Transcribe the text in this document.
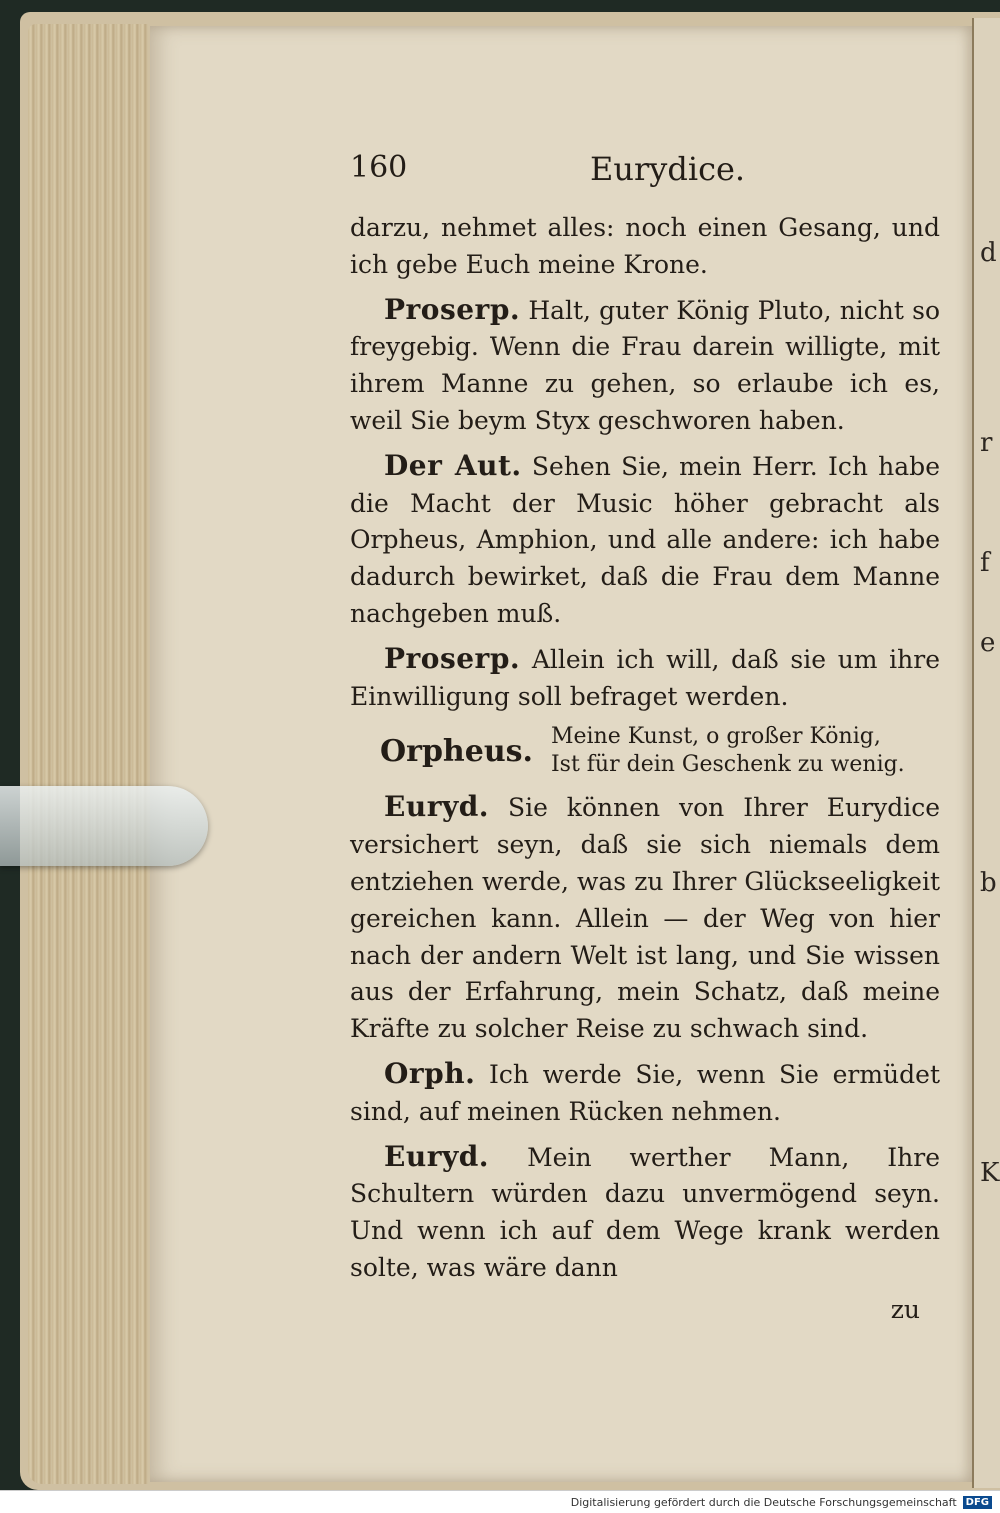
d
r
f
e
b
K
160	Eurydice.

darzu, nehmet alles: noch einen Gesang, und ich gebe Euch meine Krone.

Proserp. Halt, guter König Pluto, nicht so freygebig. Wenn die Frau darein willigte, mit ihrem Manne zu gehen, so erlaube ich es, weil Sie beym Styx geschworen haben.

Der Aut. Sehen Sie, mein Herr. Ich habe die Macht der Music höher gebracht als Orpheus, Amphion, und alle andere: ich habe dadurch bewirket, daß die Frau dem Manne nachgeben muß.

Proserp. Allein ich will, daß sie um ihre Einwilligung soll befraget werden.

Orpheus. Meine Kunst, o großer König,
Ist für dein Geschenk zu wenig.

Euryd. Sie können von Ihrer Eurydice versichert seyn, daß sie sich niemals dem entziehen werde, was zu Ihrer Glückseeligkeit gereichen kann. Allein — der Weg von hier nach der andern Welt ist lang, und Sie wissen aus der Erfahrung, mein Schatz, daß meine Kräfte zu solcher Reise zu schwach sind.

Orph. Ich werde Sie, wenn Sie ermüdet sind, auf meinen Rücken nehmen.

Euryd. Mein werther Mann, Ihre Schultern würden dazu unvermögend seyn. Und wenn ich auf dem Wege krank werden solte, was wäre dann

zu
Digitalisierung gefördert durch die Deutsche Forschungsgemeinschaft DFG
